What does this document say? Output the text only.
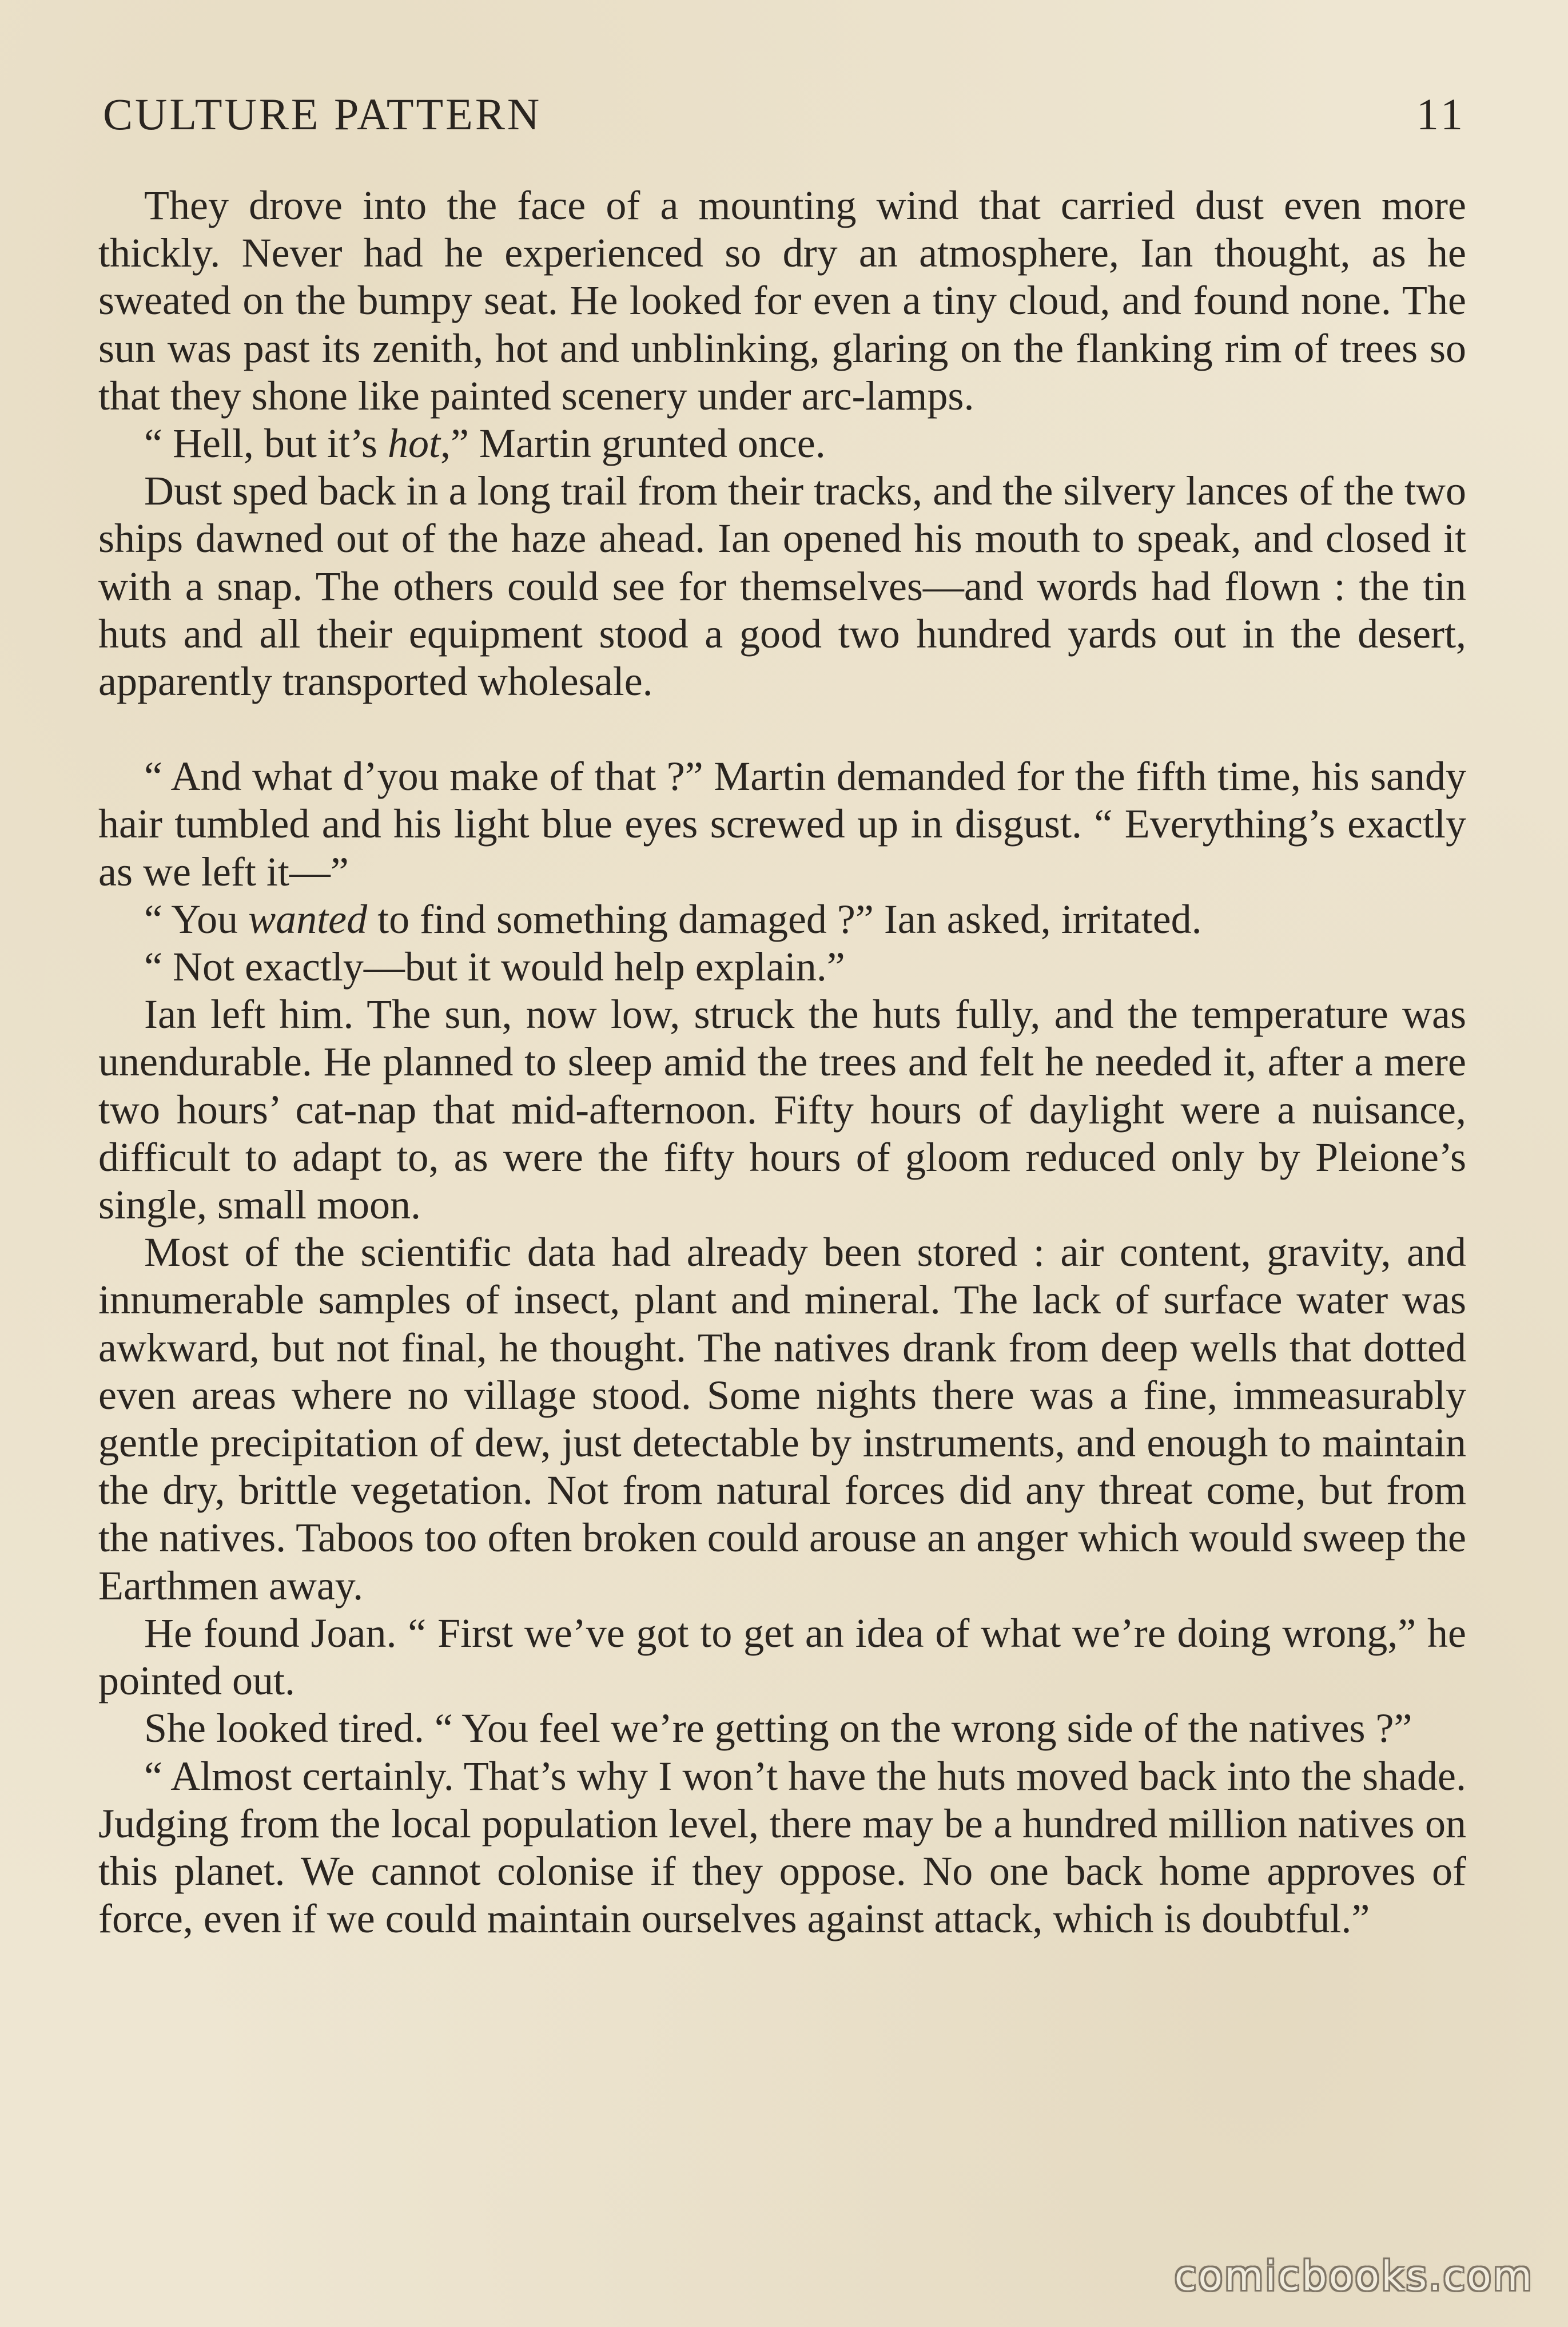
CULTURE PATTERN	11

They drove into the face of a mounting wind that carried dust even more thickly. Never had he experienced so dry an atmosphere, Ian thought, as he sweated on the bumpy seat. He looked for even a tiny cloud, and found none. The sun was past its zenith, hot and unblinking, glaring on the flanking rim of trees so that they shone like painted scenery under arc-lamps.

“ Hell, but it’s hot,” Martin grunted once.

Dust sped back in a long trail from their tracks, and the silvery lances of the two ships dawned out of the haze ahead. Ian opened his mouth to speak, and closed it with a snap. The others could see for themselves—and words had flown : the tin huts and all their equipment stood a good two hundred yards out in the desert, apparently transported wholesale.

“ And what d’you make of that ?” Martin demanded for the fifth time, his sandy hair tumbled and his light blue eyes screwed up in disgust. “ Everything’s exactly as we left it—”

“ You wanted to find something damaged ?” Ian asked, irritated.

“ Not exactly—but it would help explain.”

Ian left him. The sun, now low, struck the huts fully, and the temperature was unendurable. He planned to sleep amid the trees and felt he needed it, after a mere two hours’ cat-nap that mid-afternoon. Fifty hours of daylight were a nuisance, difficult to adapt to, as were the fifty hours of gloom reduced only by Pleione’s single, small moon.

Most of the scientific data had already been stored : air content, gravity, and innumerable samples of insect, plant and mineral. The lack of surface water was awkward, but not final, he thought. The natives drank from deep wells that dotted even areas where no village stood. Some nights there was a fine, immeasurably gentle precipitation of dew, just detectable by instruments, and enough to maintain the dry, brittle vegetation. Not from natural forces did any threat come, but from the natives. Taboos too often broken could arouse an anger which would sweep the Earthmen away.

He found Joan. “ First we’ve got to get an idea of what we’re doing wrong,” he pointed out.

She looked tired. “ You feel we’re getting on the wrong side of the natives ?”

“ Almost certainly. That’s why I won’t have the huts moved back into the shade. Judging from the local population level, there may be a hundred million natives on this planet. We cannot colonise if they oppose. No one back home approves of force, even if we could maintain ourselves against attack, which is doubtful.”

comicbooks.com
